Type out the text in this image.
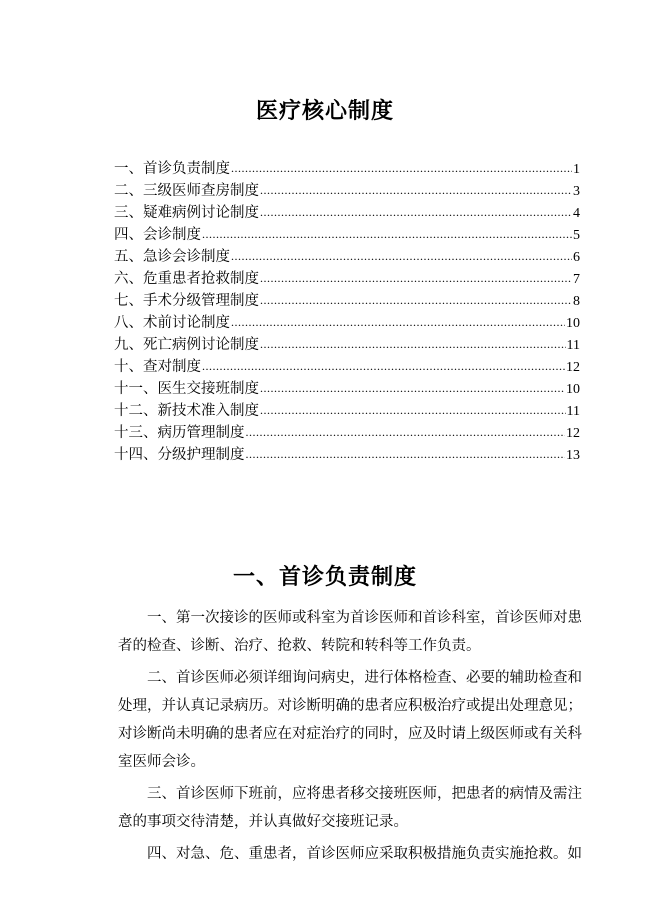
医疗核心制度
一、首诊负责制度 .....	1
二、三级医师查房制度 .....	3
三、疑难病例讨论制度 .....	4
四、会诊制度 .....	5
五、急诊会诊制度 .....	6
六、危重患者抢救制度 .....	7
七、手术分级管理制度 .....	8
八、术前讨论制度 .....	10
九、死亡病例讨论制度 .....	11
十、查对制度 .....	12
十一、医生交接班制度 .....	10
十二、新技术准入制度 .....	11
十三、病历管理制度 .....	12
十四、分级护理制度 .....	13
一、首诊负责制度

一、第一次接诊的医师或科室为首诊医师和首诊科室，首诊医师对患者的检查、诊断、治疗、抢救、转院和转科等工作负责。

二、首诊医师必须详细询问病史，进行体格检查、必要的辅助检查和处理，并认真记录病历。对诊断明确的患者应积极治疗或提出处理意见；对诊断尚未明确的患者应在对症治疗的同时，应及时请上级医师或有关科室医师会诊。

三、首诊医师下班前，应将患者移交接班医师，把患者的病情及需注意的事项交待清楚，并认真做好交接班记录。

四、对急、危、重患者，首诊医师应采取积极措施负责实施抢救。如
